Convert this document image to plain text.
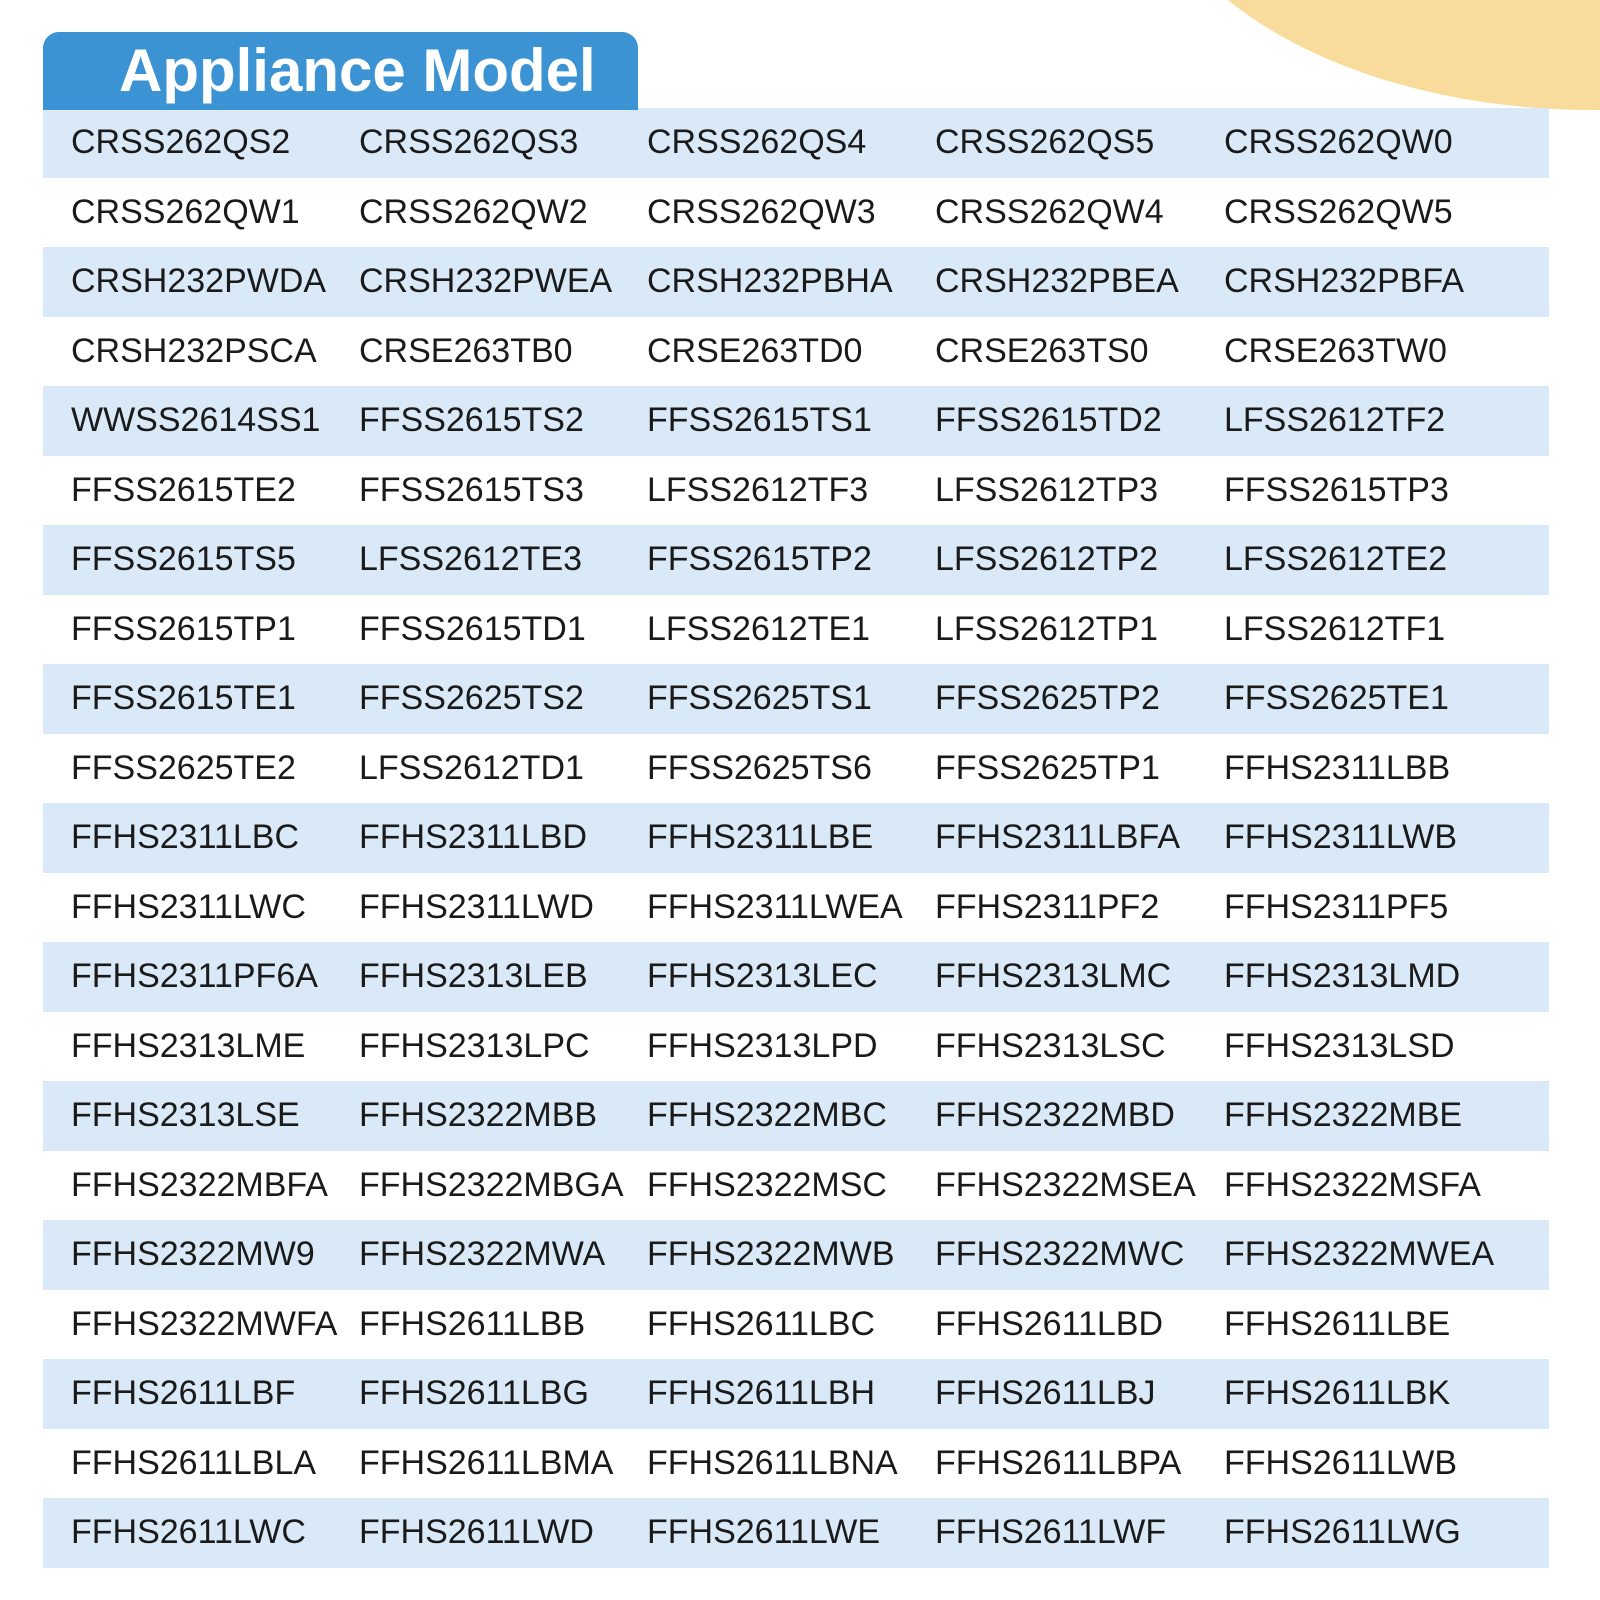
Appliance Model
CRSS262QS2	CRSS262QS3	CRSS262QS4	CRSS262QS5	CRSS262QW0
CRSS262QW1	CRSS262QW2	CRSS262QW3	CRSS262QW4	CRSS262QW5
CRSH232PWDA	CRSH232PWEA	CRSH232PBHA	CRSH232PBEA	CRSH232PBFA
CRSH232PSCA	CRSE263TB0	CRSE263TD0	CRSE263TS0	CRSE263TW0
WWSS2614SS1	FFSS2615TS2	FFSS2615TS1	FFSS2615TD2	LFSS2612TF2
FFSS2615TE2	FFSS2615TS3	LFSS2612TF3	LFSS2612TP3	FFSS2615TP3
FFSS2615TS5	LFSS2612TE3	FFSS2615TP2	LFSS2612TP2	LFSS2612TE2
FFSS2615TP1	FFSS2615TD1	LFSS2612TE1	LFSS2612TP1	LFSS2612TF1
FFSS2615TE1	FFSS2625TS2	FFSS2625TS1	FFSS2625TP2	FFSS2625TE1
FFSS2625TE2	LFSS2612TD1	FFSS2625TS6	FFSS2625TP1	FFHS2311LBB
FFHS2311LBC	FFHS2311LBD	FFHS2311LBE	FFHS2311LBFA	FFHS2311LWB
FFHS2311LWC	FFHS2311LWD	FFHS2311LWEA	FFHS2311PF2	FFHS2311PF5
FFHS2311PF6A	FFHS2313LEB	FFHS2313LEC	FFHS2313LMC	FFHS2313LMD
FFHS2313LME	FFHS2313LPC	FFHS2313LPD	FFHS2313LSC	FFHS2313LSD
FFHS2313LSE	FFHS2322MBB	FFHS2322MBC	FFHS2322MBD	FFHS2322MBE
FFHS2322MBFA	FFHS2322MBGA	FFHS2322MSC	FFHS2322MSEA	FFHS2322MSFA
FFHS2322MW9	FFHS2322MWA	FFHS2322MWB	FFHS2322MWC	FFHS2322MWEA
FFHS2322MWFA	FFHS2611LBB	FFHS2611LBC	FFHS2611LBD	FFHS2611LBE
FFHS2611LBF	FFHS2611LBG	FFHS2611LBH	FFHS2611LBJ	FFHS2611LBK
FFHS2611LBLA	FFHS2611LBMA	FFHS2611LBNA	FFHS2611LBPA	FFHS2611LWB
FFHS2611LWC	FFHS2611LWD	FFHS2611LWE	FFHS2611LWF	FFHS2611LWG
